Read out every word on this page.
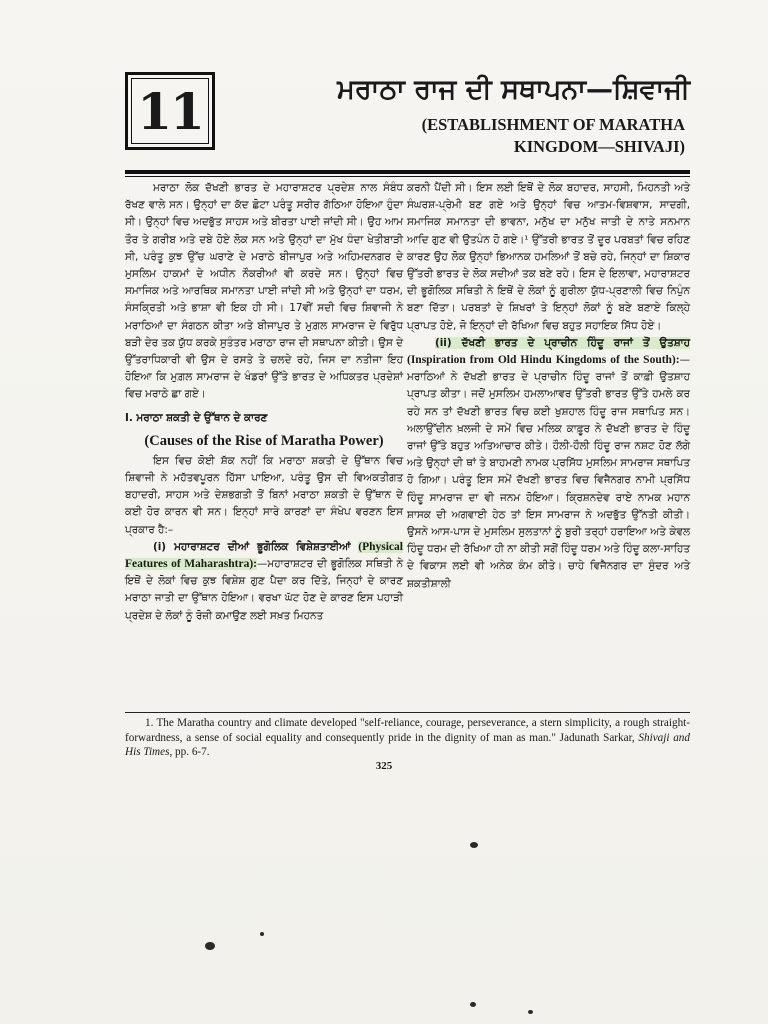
11	ਮਰਾਠਾ ਰਾਜ ਦੀ ਸਥਾਪਨਾ—ਸ਼ਿਵਾਜੀ
(ESTABLISHMENT OF MARATHA
KINGDOM—SHIVAJI)

ਮਰਾਠਾ ਲੋਕ ਦੱਖਣੀ ਭਾਰਤ ਦੇ ਮਹਾਰਾਸ਼ਟਰ ਪ੍ਰਦੇਸ਼ ਨਾਲ ਸੰਬੰਧ ਰੱਖਣ ਵਾਲੇ ਸਨ। ਉਨ੍ਹਾਂ ਦਾ ਕੱਦ ਛੋਟਾ ਪਰੰਤੂ ਸਰੀਰ ਗੱਠਿਆ ਹੋਇਆ ਹੁੰਦਾ ਸੀ। ਉਨ੍ਹਾਂ ਵਿਚ ਅਦਭੁੱਤ ਸਾਹਸ ਅਤੇ ਬੀਰਤਾ ਪਾਈ ਜਾਂਦੀ ਸੀ। ਉਹ ਆਮ ਤੌਰ ਤੇ ਗਰੀਬ ਅਤੇ ਦਬੇ ਹੋਏ ਲੋਕ ਸਨ ਅਤੇ ਉਨ੍ਹਾਂ ਦਾ ਮੁੱਖ ਧੰਦਾ ਖੇਤੀਬਾੜੀ ਸੀ, ਪਰੰਤੂ ਕੁਝ ਉੱਚ ਘਰਾਣੇ ਦੇ ਮਰਾਠੇ ਬੀਜਾਪੁਰ ਅਤੇ ਅਹਿਮਦਨਗਰ ਦੇ ਮੁਸਲਿਮ ਹਾਕਮਾਂ ਦੇ ਅਧੀਨ ਨੌਕਰੀਆਂ ਵੀ ਕਰਦੇ ਸਨ। ਉਨ੍ਹਾਂ ਵਿਚ ਸਮਾਜਿਕ ਅਤੇ ਆਰਥਿਕ ਸਮਾਨਤਾ ਪਾਈ ਜਾਂਦੀ ਸੀ ਅਤੇ ਉਨ੍ਹਾਂ ਦਾ ਧਰਮ, ਸੰਸਕ੍ਰਿਤੀ ਅਤੇ ਭਾਸ਼ਾ ਵੀ ਇਕ ਹੀ ਸੀ। 17ਵੀਂ ਸਦੀ ਵਿਚ ਸ਼ਿਵਾਜੀ ਨੇ ਮਰਾਠਿਆਂ ਦਾ ਸੰਗਠਨ ਕੀਤਾ ਅਤੇ ਬੀਜਾਪੁਰ ਤੇ ਮੁਗ਼ਲ ਸਾਮਰਾਜ ਦੇ ਵਿਰੁੱਧ ਬੜੀ ਦੇਰ ਤਕ ਯੁੱਧ ਕਰਕੇ ਸੁਤੰਤਰ ਮਰਾਠਾ ਰਾਜ ਦੀ ਸਥਾਪਨਾ ਕੀਤੀ। ਉਸ ਦੇ ਉੱਤਰਾਧਿਕਾਰੀ ਵੀ ਉਸ ਦੇ ਰਸਤੇ ਤੇ ਚਲਦੇ ਰਹੇ, ਜਿਸ ਦਾ ਨਤੀਜਾ ਇਹ ਹੋਇਆ ਕਿ ਮੁਗ਼ਲ ਸਾਮਰਾਜ ਦੇ ਖੰਡਰਾਂ ਉੱਤੇ ਭਾਰਤ ਦੇ ਅਧਿਕਤਰ ਪ੍ਰਦੇਸ਼ਾਂ ਵਿਚ ਮਰਾਠੇ ਛਾ ਗਏ।

I. ਮਰਾਠਾ ਸ਼ਕਤੀ ਦੇ ਉੱਥਾਨ ਦੇ ਕਾਰਣ

(Causes of the Rise of Maratha Power)

ਇਸ ਵਿਚ ਕੋਈ ਸ਼ੱਕ ਨਹੀਂ ਕਿ ਮਰਾਠਾ ਸ਼ਕਤੀ ਦੇ ਉੱਥਾਨ ਵਿਚ ਸ਼ਿਵਾਜੀ ਨੇ ਮਹੱਤਵਪੂਰਨ ਹਿੱਸਾ ਪਾਇਆ, ਪਰੰਤੂ ਉਸ ਦੀ ਵਿਅਕਤੀਗਤ ਬਹਾਦਰੀ, ਸਾਹਸ ਅਤੇ ਦੇਸ਼ਭਗਤੀ ਤੋਂ ਬਿਨਾਂ ਮਰਾਠਾ ਸ਼ਕਤੀ ਦੇ ਉੱਥਾਨ ਦੇ ਕਈ ਹੋਰ ਕਾਰਨ ਵੀ ਸਨ। ਇਨ੍ਹਾਂ ਸਾਰੇ ਕਾਰਣਾਂ ਦਾ ਸੰਖੇਪ ਵਰਣਨ ਇਸ ਪ੍ਰਕਾਰ ਹੈ:–

(i) ਮਹਾਰਾਸ਼ਟਰ ਦੀਆਂ ਭੂਗੋਲਿਕ ਵਿਸ਼ੇਸ਼ਤਾਈਆਂ (Physical Features of Maharashtra):—ਮਹਾਰਾਸ਼ਟਰ ਦੀ ਭੂਗੋਲਿਕ ਸਥਿਤੀ ਨੇ ਇਥੋਂ ਦੇ ਲੋਕਾਂ ਵਿਚ ਕੁਝ ਵਿਸ਼ੇਸ਼ ਗੁਣ ਪੈਦਾ ਕਰ ਦਿੱਤੇ, ਜਿਨ੍ਹਾਂ ਦੇ ਕਾਰਣ ਮਰਾਠਾ ਜਾਤੀ ਦਾ ਉੱਥਾਨ ਹੋਇਆ। ਵਰਖਾ ਘੱਟ ਹੋਣ ਦੇ ਕਾਰਣ ਇਸ ਪਹਾੜੀ ਪ੍ਰਦੇਸ਼ ਦੇ ਲੋਕਾਂ ਨੂੰ ਰੋਜ਼ੀ ਕਮਾਉਣ ਲਈ ਸਖ਼ਤ ਮਿਹਨਤ

ਕਰਨੀ ਪੈਂਦੀ ਸੀ। ਇਸ ਲਈ ਇਥੋਂ ਦੇ ਲੋਕ ਬਹਾਦਰ, ਸਾਹਸੀ, ਮਿਹਨਤੀ ਅਤੇ ਸੰਘਰਸ਼-ਪ੍ਰੇਮੀ ਬਣ ਗਏ ਅਤੇ ਉਨ੍ਹਾਂ ਵਿਚ ਆਤਮ-ਵਿਸ਼ਵਾਸ, ਸਾਦਗੀ, ਸਮਾਜਿਕ ਸਮਾਨਤਾ ਦੀ ਭਾਵਨਾ, ਮਨੁੱਖ ਦਾ ਮਨੁੱਖ ਜਾਤੀ ਦੇ ਨਾਤੇ ਸਨਮਾਨ ਆਦਿ ਗੁਣ ਵੀ ਉਤਪੰਨ ਹੋ ਗਏ।¹ ਉੱਤਰੀ ਭਾਰਤ ਤੋਂ ਦੂਰ ਪਰਬਤਾਂ ਵਿਚ ਰਹਿਣ ਕਾਰਣ ਉਹ ਲੋਕ ਉਨ੍ਹਾਂ ਭਿਆਨਕ ਹਮਲਿਆਂ ਤੋਂ ਬਚੇ ਰਹੇ, ਜਿਨ੍ਹਾਂ ਦਾ ਸ਼ਿਕਾਰ ਉੱਤਰੀ ਭਾਰਤ ਦੇ ਲੋਕ ਸਦੀਆਂ ਤਕ ਬਣੇ ਰਹੇ। ਇਸ ਦੇ ਇਲਾਵਾ, ਮਹਾਰਾਸ਼ਟਰ ਦੀ ਭੂਗੋਲਿਕ ਸਥਿਤੀ ਨੇ ਇਥੋਂ ਦੇ ਲੋਕਾਂ ਨੂੰ ਗੁਰੀਲਾ ਯੁੱਧ-ਪ੍ਰਣਾਲੀ ਵਿਚ ਨਿਪੁੰਨ ਬਣਾ ਦਿੱਤਾ। ਪਰਬਤਾਂ ਦੇ ਸ਼ਿਖਰਾਂ ਤੇ ਇਨ੍ਹਾਂ ਲੋਕਾਂ ਨੂੰ ਬਣੇ ਬਣਾਏ ਕਿਲ੍ਹੇ ਪ੍ਰਾਪਤ ਹੋਏ, ਜੋ ਇਨ੍ਹਾਂ ਦੀ ਰੱਖਿਆ ਵਿਚ ਬਹੁਤ ਸਹਾਇਕ ਸਿੱਧ ਹੋਏ।

(ii) ਦੱਖਣੀ ਭਾਰਤ ਦੇ ਪ੍ਰਾਚੀਨ ਹਿੰਦੂ ਰਾਜਾਂ ਤੋਂ ਉਤਸ਼ਾਹ (Inspiration from Old Hindu Kingdoms of the South):— ਮਰਾਠਿਆਂ ਨੇ ਦੱਖਣੀ ਭਾਰਤ ਦੇ ਪ੍ਰਾਚੀਨ ਹਿੰਦੂ ਰਾਜਾਂ ਤੋਂ ਕਾਫ਼ੀ ਉਤਸ਼ਾਹ ਪ੍ਰਾਪਤ ਕੀਤਾ। ਜਦੋਂ ਮੁਸਲਿਮ ਹਮਲਾਆਵਰ ਉੱਤਰੀ ਭਾਰਤ ਉੱਤੇ ਹਮਲੇ ਕਰ ਰਹੇ ਸਨ ਤਾਂ ਦੱਖਣੀ ਭਾਰਤ ਵਿਚ ਕਈ ਖੁਸ਼ਹਾਲ ਹਿੰਦੂ ਰਾਜ ਸਥਾਪਿਤ ਸਨ। ਅਲਾਉੱਦੀਨ ਖ਼ਲਜੀ ਦੇ ਸਮੇਂ ਵਿਚ ਮਲਿਕ ਕਾਫ਼ੂਰ ਨੇ ਦੱਖਣੀ ਭਾਰਤ ਦੇ ਹਿੰਦੂ ਰਾਜਾਂ ਉੱਤੇ ਬਹੁਤ ਅਤਿਆਚਾਰ ਕੀਤੇ। ਹੌਲੀ-ਹੌਲੀ ਹਿੰਦੂ ਰਾਜ ਨਸ਼ਟ ਹੋਣ ਲੱਗੇ ਅਤੇ ਉਨ੍ਹਾਂ ਦੀ ਥਾਂ ਤੇ ਬਾਹਮਣੀ ਨਾਮਕ ਪ੍ਰਸਿੱਧ ਮੁਸਲਿਮ ਸਾਮਰਾਜ ਸਥਾਪਿਤ ਹੋ ਗਿਆ। ਪਰੰਤੂ ਇਸ ਸਮੇਂ ਦੱਖਣੀ ਭਾਰਤ ਵਿਚ ਵਿਜੈਨਗਰ ਨਾਮੀ ਪ੍ਰਸਿੱਧ ਹਿੰਦੂ ਸਾਮਰਾਜ ਦਾ ਵੀ ਜਨਮ ਹੋਇਆ। ਕ੍ਰਿਸ਼ਨਦੇਵ ਰਾਏ ਨਾਮਕ ਮਹਾਨ ਸ਼ਾਸਕ ਦੀ ਅਗਵਾਈ ਹੇਠ ਤਾਂ ਇਸ ਸਾਮਰਾਜ ਨੇ ਅਦਭੁੱਤ ਉੱਨਤੀ ਕੀਤੀ। ਉਸਨੇ ਆਸ-ਪਾਸ ਦੇ ਮੁਸਲਿਮ ਸੁਲਤਾਨਾਂ ਨੂੰ ਬੁਰੀ ਤਰ੍ਹਾਂ ਹਰਾਇਆ ਅਤੇ ਕੇਵਲ ਹਿੰਦੂ ਧਰਮ ਦੀ ਰੱਖਿਆ ਹੀ ਨਾ ਕੀਤੀ ਸਗੋਂ ਹਿੰਦੂ ਧਰਮ ਅਤੇ ਹਿੰਦੂ ਕਲਾ-ਸਾਹਿਤ ਦੇ ਵਿਕਾਸ ਲਈ ਵੀ ਅਨੇਕ ਕੰਮ ਕੀਤੇ। ਚਾਹੇ ਵਿਜੈਨਗਰ ਦਾ ਸੁੰਦਰ ਅਤੇ ਸ਼ਕਤੀਸ਼ਾਲੀ

1. The Maratha country and climate developed "self-reliance, courage, perseverance, a stern simplicity, a rough straight-forwardness, a sense of social equality and consequently pride in the dignity of man as man." Jadunath Sarkar, Shivaji and His Times, pp. 6-7.
325
